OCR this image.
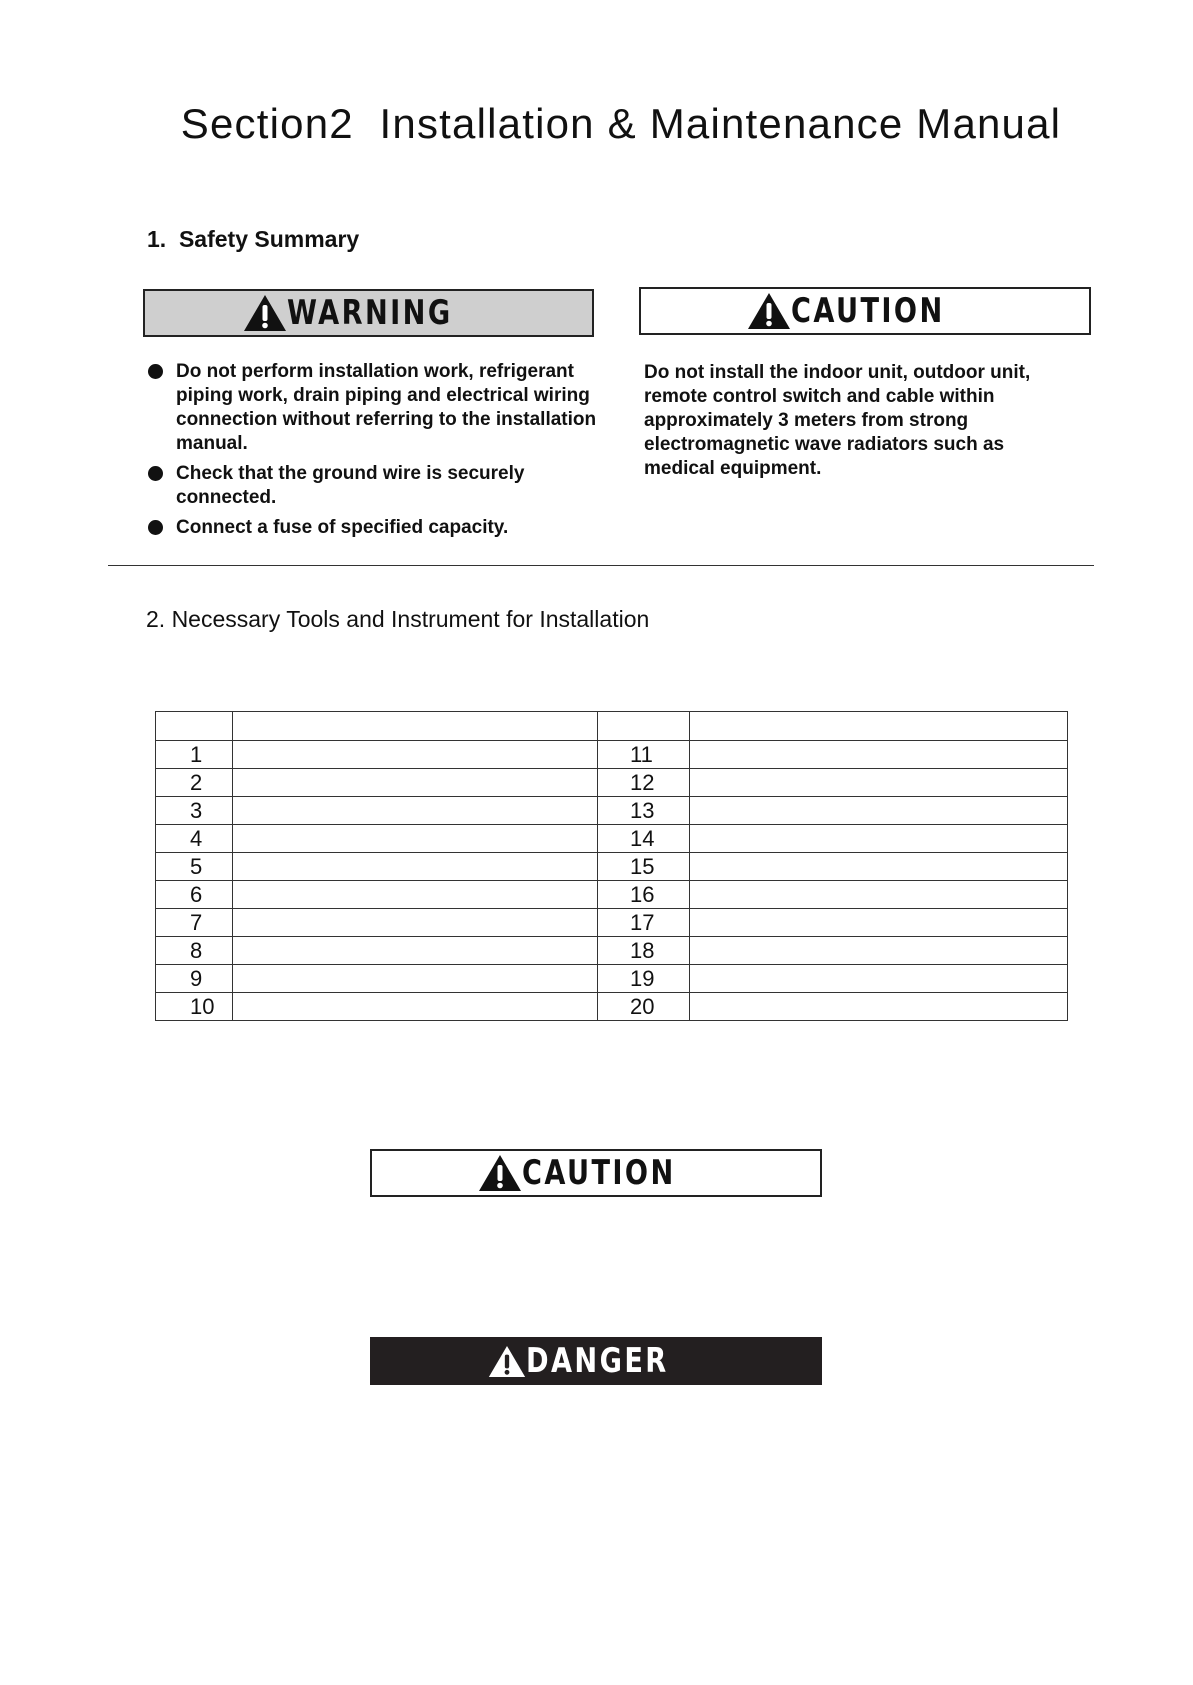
Section2  Installation & Maintenance Manual
1.  Safety Summary
WARNING	CAUTION
Do not perform installation work, refrigerant piping work, drain piping and electrical wiring connection without referring to the installation manual.
Check that the ground wire is securely connected.
Connect a fuse of specified capacity.
Do not install the indoor unit, outdoor unit, remote control switch and cable within approximately 3 meters from strong electromagnetic wave radiators such as medical equipment.
2. Necessary Tools and Instrument for Installation

1		11	
2		12	
3		13	
4		14	
5		15	
6		16	
7		17	
8		18	
9		19	
10		20	
CAUTION
DANGER
